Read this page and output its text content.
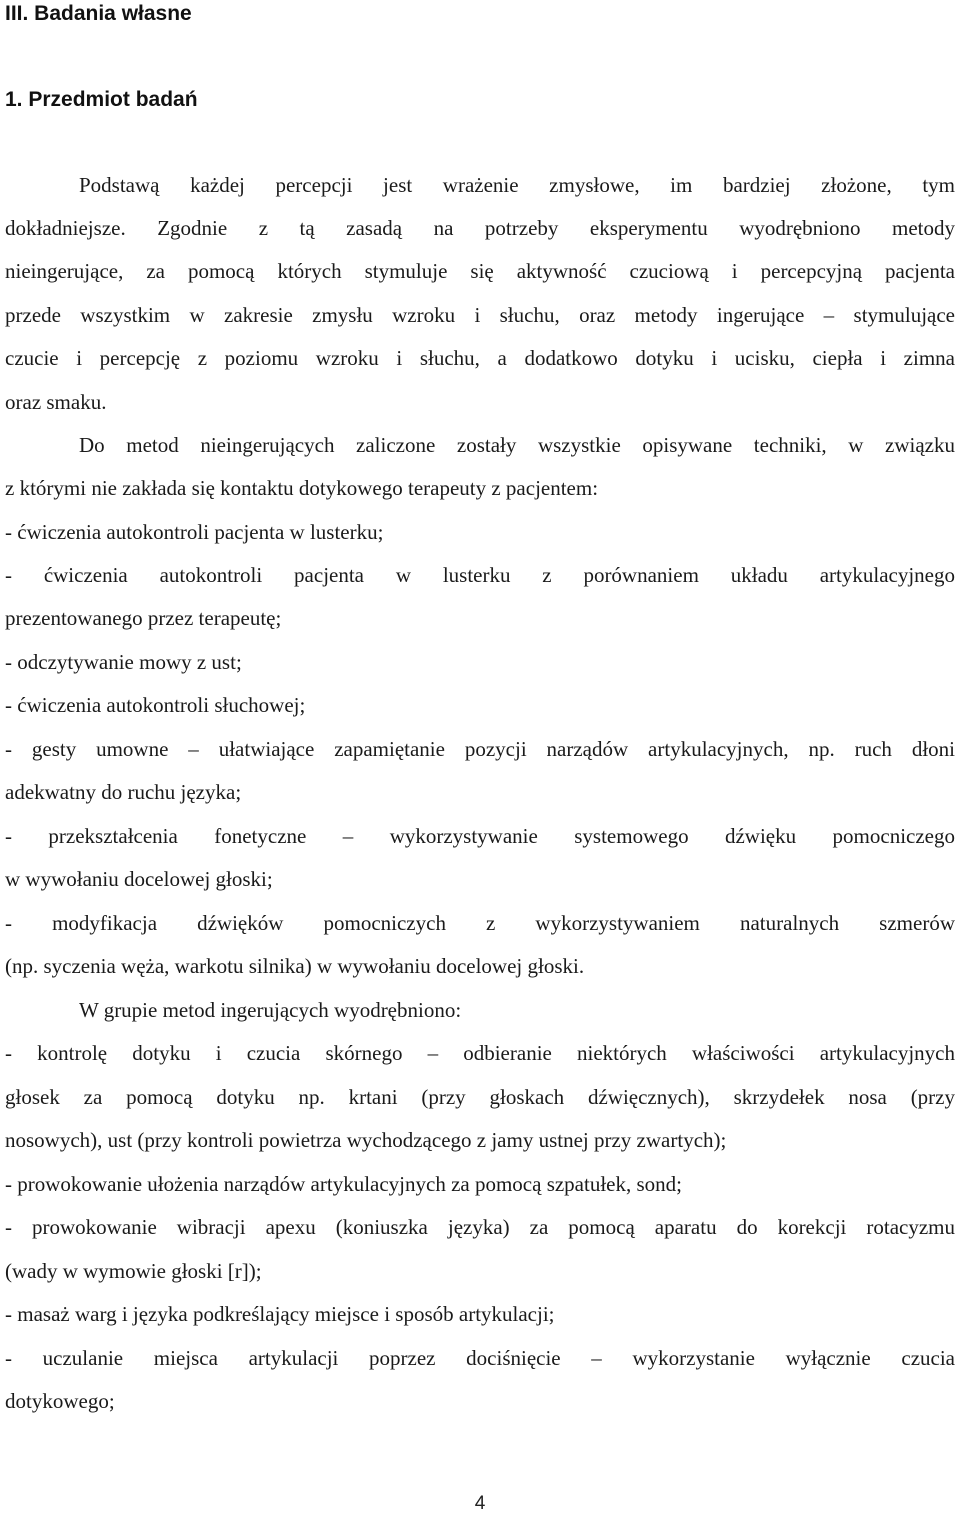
III. Badania własne
1. Przedmiot badań
Podstawą każdej percepcji jest wrażenie zmysłowe, im bardziej złożone, tym
dokładniejsze. Zgodnie z tą zasadą na potrzeby eksperymentu wyodrębniono metody
nieingerujące, za pomocą których stymuluje się aktywność czuciową i percepcyjną pacjenta
przede wszystkim w zakresie zmysłu wzroku i słuchu, oraz metody ingerujące – stymulujące
czucie i percepcję z poziomu wzroku i słuchu, a dodatkowo dotyku i ucisku, ciepła i zimna
oraz smaku.
Do metod nieingerujących zaliczone zostały wszystkie opisywane techniki, w związku
z którymi nie zakłada się kontaktu dotykowego terapeuty z pacjentem:
- ćwiczenia autokontroli pacjenta w lusterku;
- ćwiczenia autokontroli pacjenta w lusterku z porównaniem układu artykulacyjnego
prezentowanego przez terapeutę;
- odczytywanie mowy z ust;
- ćwiczenia autokontroli słuchowej;
- gesty umowne – ułatwiające zapamiętanie pozycji narządów artykulacyjnych, np. ruch dłoni
adekwatny do ruchu języka;
- przekształcenia fonetyczne – wykorzystywanie systemowego dźwięku pomocniczego
w wywołaniu docelowej głoski;
- modyfikacja dźwięków pomocniczych z wykorzystywaniem naturalnych szmerów
(np. syczenia węża, warkotu silnika) w wywołaniu docelowej głoski.
W grupie metod ingerujących wyodrębniono:
- kontrolę dotyku i czucia skórnego – odbieranie niektórych właściwości artykulacyjnych
głosek za pomocą dotyku np. krtani (przy głoskach dźwięcznych), skrzydełek nosa (przy
nosowych), ust (przy kontroli powietrza wychodzącego z jamy ustnej przy zwartych);
- prowokowanie ułożenia narządów artykulacyjnych za pomocą szpatułek, sond;
- prowokowanie wibracji apexu (koniuszka języka) za pomocą aparatu do korekcji rotacyzmu
(wady w wymowie głoski [r]);
- masaż warg i języka podkreślający miejsce i sposób artykulacji;
- uczulanie miejsca artykulacji poprzez dociśnięcie – wykorzystanie wyłącznie czucia
dotykowego;
4
